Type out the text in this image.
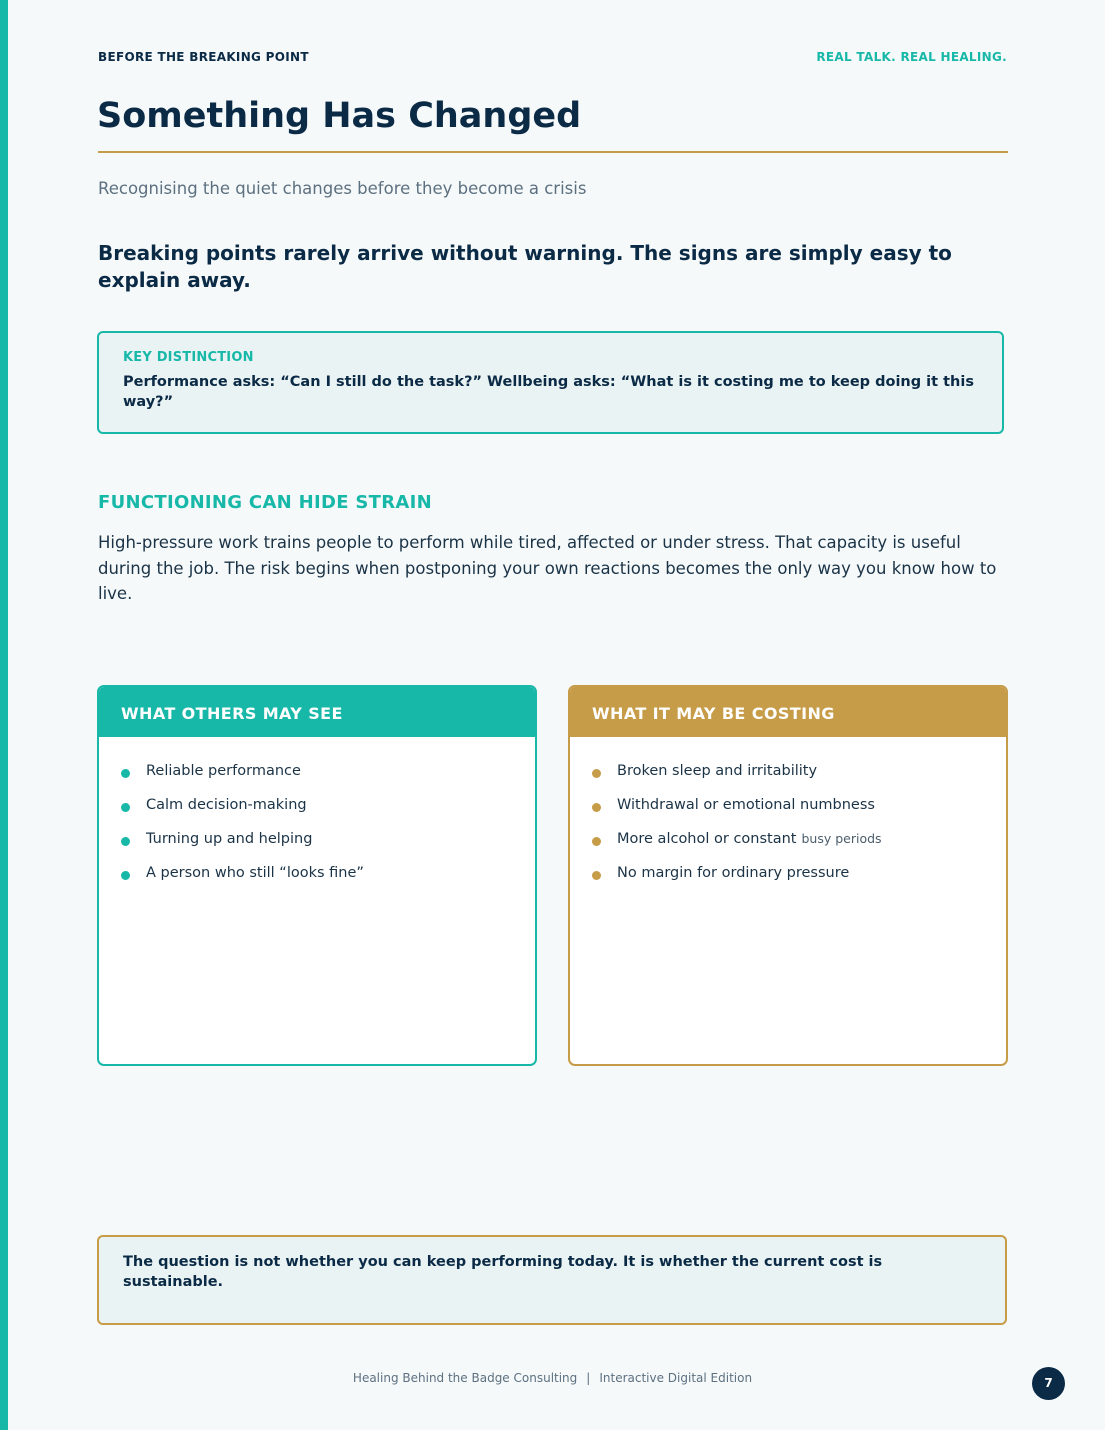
BEFORE THE BREAKING POINT	REAL TALK. REAL HEALING.
Something Has Changed
Recognising the quiet changes before they become a crisis

Breaking points rarely arrive without warning. The signs are simply easy to explain away.

KEY DISTINCTION
Performance asks: “Can I still do the task?” Wellbeing asks: “What is it costing me to keep doing it this way?”
FUNCTIONING CAN HIDE STRAIN

High-pressure work trains people to perform while tired, affected or under stress. That capacity is useful during the job. The risk begins when postponing your own reactions becomes the only way you know how to live.

WHAT OTHERS MAY SEE
Reliable performance
Calm decision-making
Turning up and helping
A person who still “looks fine”
WHAT IT MAY BE COSTING
Broken sleep and irritability
Withdrawal or emotional numbness
More alcohol or constant busy periods
No margin for ordinary pressure
The question is not whether you can keep performing today. It is whether the current cost is sustainable.
Healing Behind the Badge Consulting | Interactive Digital Edition	7
